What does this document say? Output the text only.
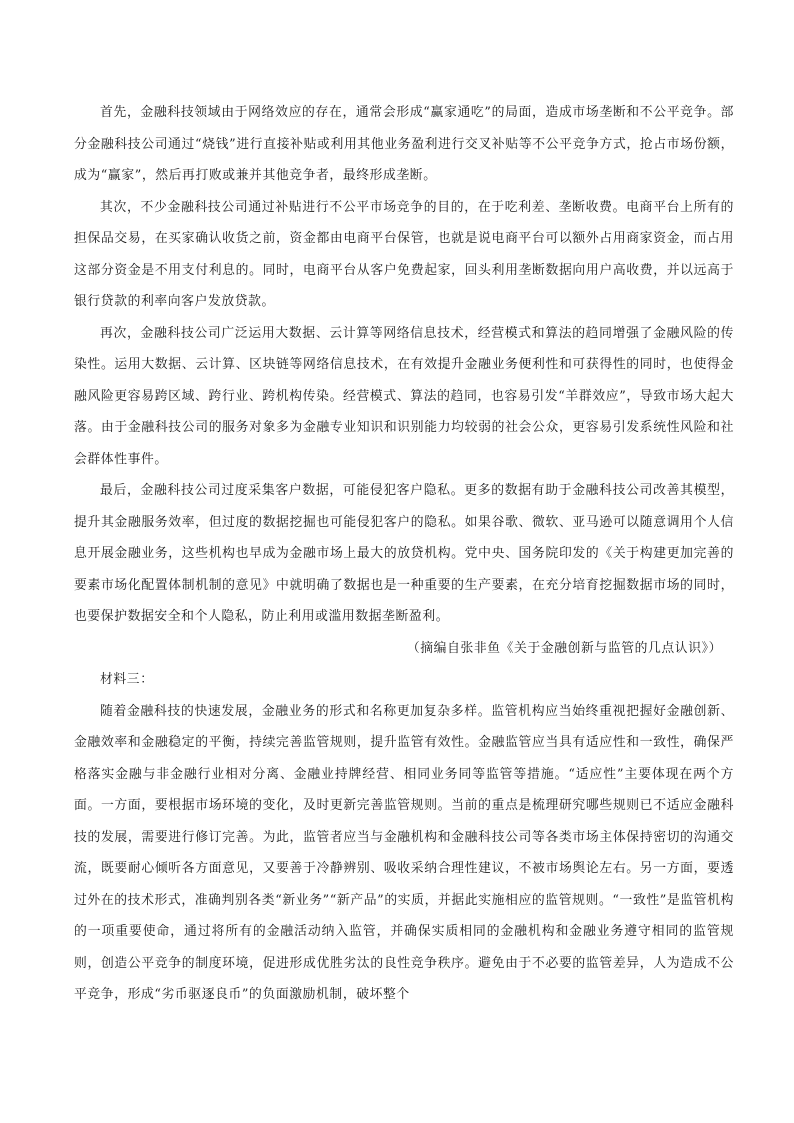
首先，金融科技领域由于网络效应的存在，通常会形成“赢家通吃”的局面，造成市场垄断和不公平竞争。部分金融科技公司通过“烧钱”进行直接补贴或利用其他业务盈利进行交叉补贴等不公平竞争方式，抢占市场份额，成为“赢家”，然后再打败或兼并其他竞争者，最终形成垄断。

其次，不少金融科技公司通过补贴进行不公平市场竞争的目的，在于吃利差、垄断收费。电商平台上所有的担保品交易，在买家确认收货之前，资金都由电商平台保管，也就是说电商平台可以额外占用商家资金，而占用这部分资金是不用支付利息的。同时，电商平台从客户免费起家，回头利用垄断数据向用户高收费，并以远高于银行贷款的利率向客户发放贷款。

再次，金融科技公司广泛运用大数据、云计算等网络信息技术，经营模式和算法的趋同增强了金融风险的传染性。运用大数据、云计算、区块链等网络信息技术，在有效提升金融业务便利性和可获得性的同时，也使得金融风险更容易跨区域、跨行业、跨机构传染。经营模式、算法的趋同，也容易引发“羊群效应”，导致市场大起大落。由于金融科技公司的服务对象多为金融专业知识和识别能力均较弱的社会公众，更容易引发系统性风险和社会群体性事件。

最后，金融科技公司过度采集客户数据，可能侵犯客户隐私。更多的数据有助于金融科技公司改善其模型，提升其金融服务效率，但过度的数据挖掘也可能侵犯客户的隐私。如果谷歌、微软、亚马逊可以随意调用个人信息开展金融业务，这些机构也早成为金融市场上最大的放贷机构。党中央、国务院印发的《关于构建更加完善的要素市场化配置体制机制的意见》中就明确了数据也是一种重要的生产要素，在充分培育挖掘数据市场的同时，也要保护数据安全和个人隐私，防止利用或滥用数据垄断盈利。

（摘编自张非鱼《关于金融创新与监管的几点认识》）

材料三：

随着金融科技的快速发展，金融业务的形式和名称更加复杂多样。监管机构应当始终重视把握好金融创新、金融效率和金融稳定的平衡，持续完善监管规则，提升监管有效性。金融监管应当具有适应性和一致性，确保严格落实金融与非金融行业相对分离、金融业持牌经营、相同业务同等监管等措施。“适应性”主要体现在两个方面。一方面，要根据市场环境的变化，及时更新完善监管规则。当前的重点是梳理研究哪些规则已不适应金融科技的发展，需要进行修订完善。为此，监管者应当与金融机构和金融科技公司等各类市场主体保持密切的沟通交流，既要耐心倾听各方面意见，又要善于冷静辨别、吸收采纳合理性建议，不被市场舆论左右。另一方面，要透过外在的技术形式，准确判别各类“新业务”“新产品”的实质，并据此实施相应的监管规则。“一致性”是监管机构的一项重要使命，通过将所有的金融活动纳入监管，并确保实质相同的金融机构和金融业务遵守相同的监管规则，创造公平竞争的制度环境，促进形成优胜劣汰的良性竞争秩序。避免由于不必要的监管差异，人为造成不公平竞争，形成“劣币驱逐良币”的负面激励机制，破坏整个
